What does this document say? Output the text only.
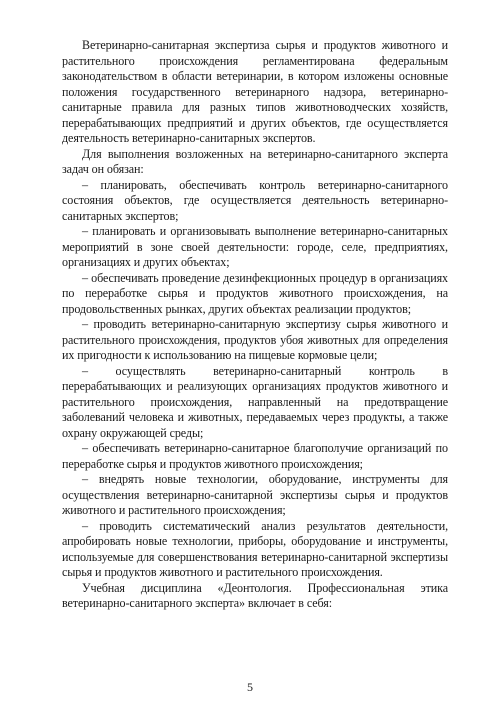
Ветеринарно-санитарная экспертиза сырья и продуктов животного и растительного происхождения регламентирована федеральным законодательством в области ветеринарии, в котором изложены основные положения государственного ветеринарного надзора, ветеринарно-санитарные правила для разных типов животноводческих хозяйств, перерабатывающих предприятий и других объектов, где осуществляется деятельность ветеринарно-санитарных экспертов.

Для выполнения возложенных на ветеринарно-санитарного эксперта задач он обязан:

– планировать, обеспечивать контроль ветеринарно-санитарного состояния объектов, где осуществляется деятельность ветеринарно-санитарных экспертов;

– планировать и организовывать выполнение ветеринарно-санитарных мероприятий в зоне своей деятельности: городе, селе, предприятиях, организациях и других объектах;

– обеспечивать проведение дезинфекционных процедур в организациях по переработке сырья и продуктов животного происхождения, на продовольственных рынках, других объектах реализации продуктов;

– проводить ветеринарно-санитарную экспертизу сырья животного и растительного происхождения, продуктов убоя животных для определения их пригодности к использованию на пищевые кормовые цели;

– осуществлять ветеринарно-санитарный контроль в перерабатывающих и реализующих организациях продуктов животного и растительного происхождения, направленный на предотвращение заболеваний человека и животных, передаваемых через продукты, а также охрану окружающей среды;

– обеспечивать ветеринарно-санитарное благополучие организаций по переработке сырья и продуктов животного происхождения;

– внедрять новые технологии, оборудование, инструменты для осуществления ветеринарно-санитарной экспертизы сырья и продуктов животного и растительного происхождения;

– проводить систематический анализ результатов деятельности, апробировать новые технологии, приборы, оборудование и инструменты, используемые для совершенствования ветеринарно-санитарной экспертизы сырья и продуктов животного и растительного происхождения.

Учебная дисциплина «Деонтология. Профессиональная этика ветеринарно-санитарного эксперта» включает в себя:

5
